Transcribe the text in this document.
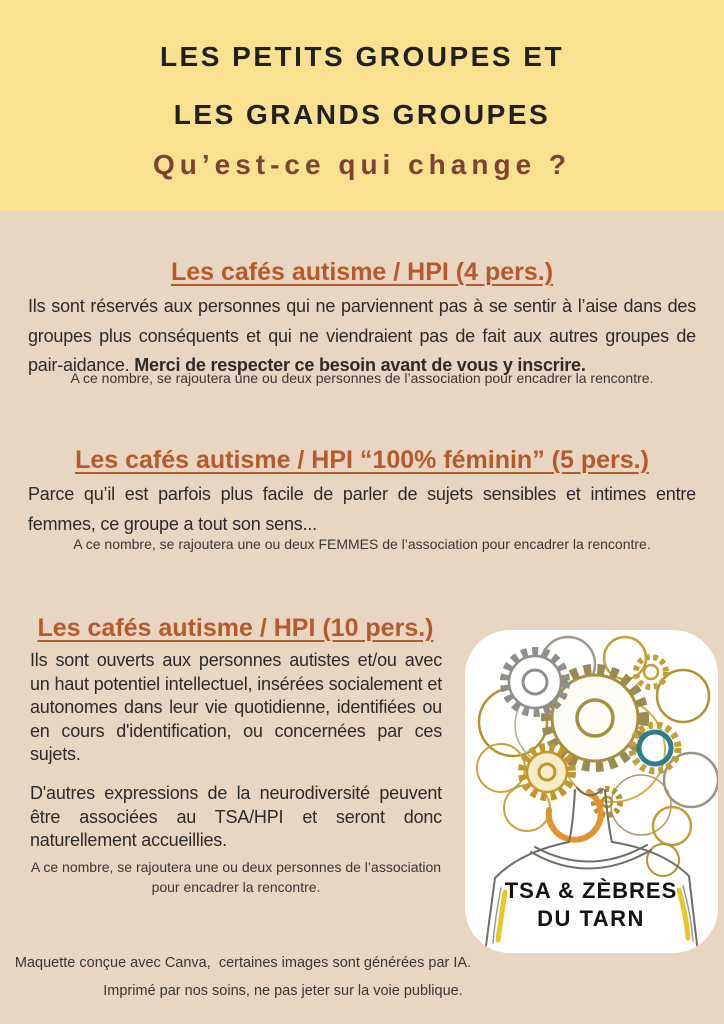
LES PETITS GROUPES ET
LES GRANDS GROUPES
Qu’est-ce qui change ?
Les cafés autisme / HPI (4 pers.)

Ils sont réservés aux personnes qui ne parviennent pas à se sentir à l’aise dans des groupes plus conséquents et qui ne viendraient pas de fait aux autres groupes de pair-aidance. Merci de respecter ce besoin avant de vous y inscrire.

A ce nombre, se rajoutera une ou deux personnes de l’association pour encadrer la rencontre.
Les cafés autisme / HPI “100% féminin” (5 pers.)

Parce qu’il est parfois plus facile de parler de sujets sensibles et intimes entre femmes, ce groupe a tout son sens...

A ce nombre, se rajoutera une ou deux FEMMES de l’association pour encadrer la rencontre.
Les cafés autisme / HPI (10 pers.)

Ils sont ouverts aux personnes autistes et/ou avec un haut potentiel intellectuel, insérées socialement et autonomes dans leur vie quotidienne, identifiées ou en cours d'identification, ou concernées par ces sujets.

D'autres expressions de la neurodiversité peuvent être associées au TSA/HPI et seront donc naturellement accueillies.

A ce nombre, se rajoutera une ou deux personnes de l’association pour encadrer la rencontre.	TSA & ZÈBRES
DU TARN
Maquette conçue avec Canva,  certaines images sont générées par IA.
Imprimé par nos soins, ne pas jeter sur la voie publique.
